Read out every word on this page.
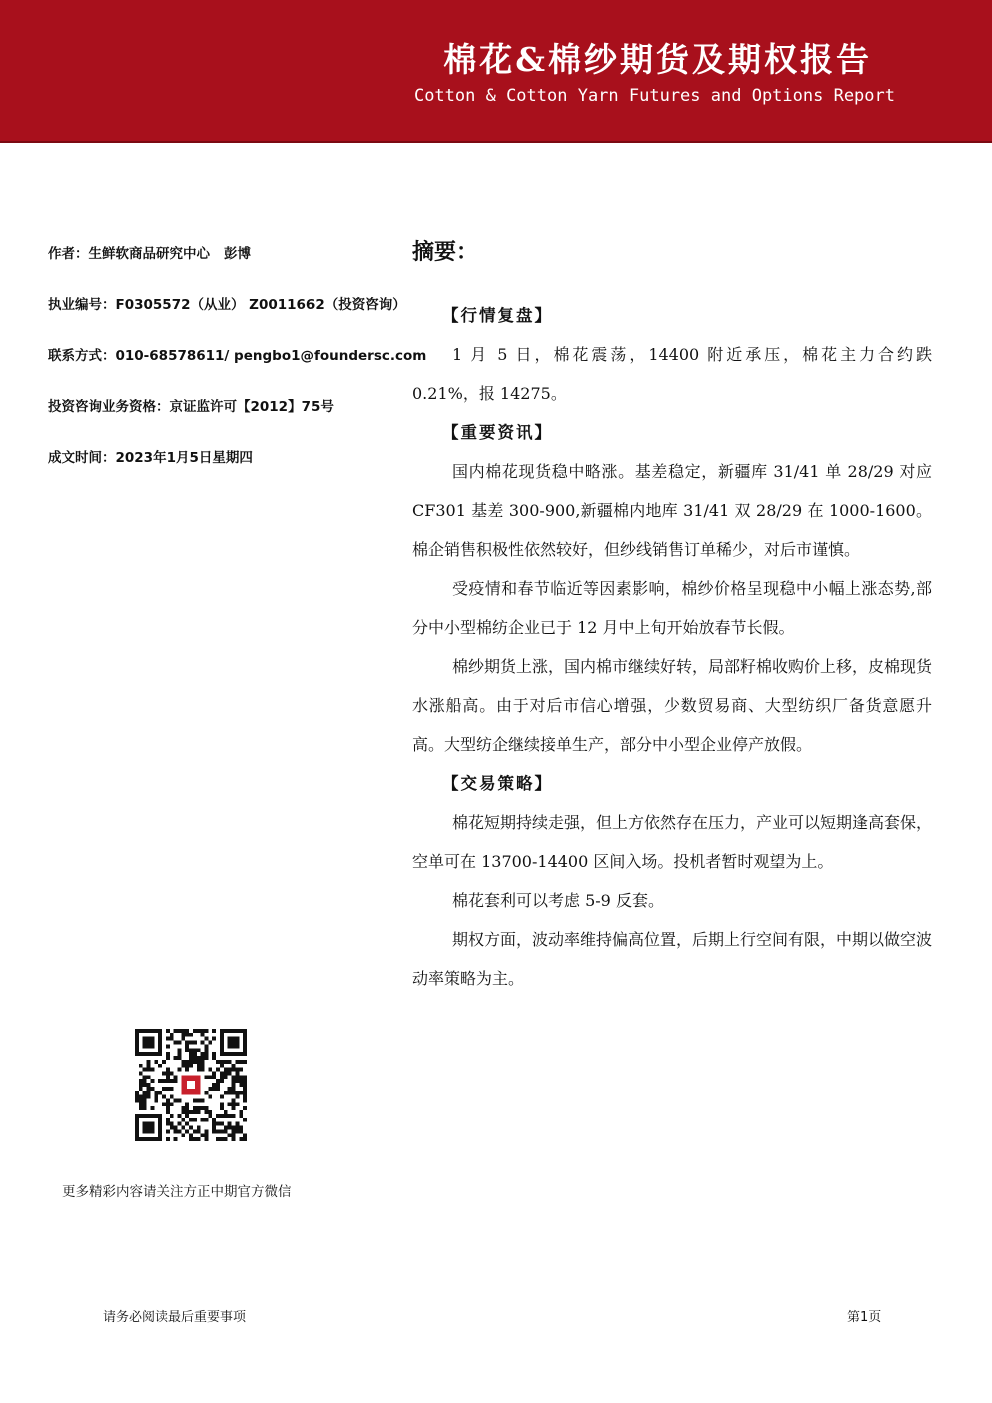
棉花&棉纱期货及期权报告
Cotton & Cotton Yarn Futures and Options Report
作者：生鲜软商品研究中心 彭博
执业编号：F0305572（从业） Z0011662（投资咨询）
联系方式：010-68578611/ pengbo1@foundersc.com
投资咨询业务资格：京证监许可【2012】75号
成文时间：2023年1月5日星期四
更多精彩内容请关注方正中期官方微信
摘要：
【行情复盘】

1 月 5 日，棉花震荡，14400 附近承压，棉花主力合约跌 0.21%，报 14275。

【重要资讯】

国内棉花现货稳中略涨。基差稳定，新疆库 31/41 单 28/29 对应 CF301 基差 300-900,新疆棉内地库 31/41 双 28/29 在 1000-1600。棉企销售积极性依然较好，但纱线销售订单稀少，对后市谨慎。

受疫情和春节临近等因素影响，棉纱价格呈现稳中小幅上涨态势,部分中小型棉纺企业已于 12 月中上旬开始放春节长假。

棉纱期货上涨，国内棉市继续好转，局部籽棉收购价上移，皮棉现货水涨船高。由于对后市信心增强，少数贸易商、大型纺织厂备货意愿升高。大型纺企继续接单生产，部分中小型企业停产放假。

【交易策略】

棉花短期持续走强，但上方依然存在压力，产业可以短期逢高套保，空单可在 13700-14400 区间入场。投机者暂时观望为上。

棉花套利可以考虑 5-9 反套。

期权方面，波动率维持偏高位置，后期上行空间有限，中期以做空波动率策略为主。

请务必阅读最后重要事项	第1页
